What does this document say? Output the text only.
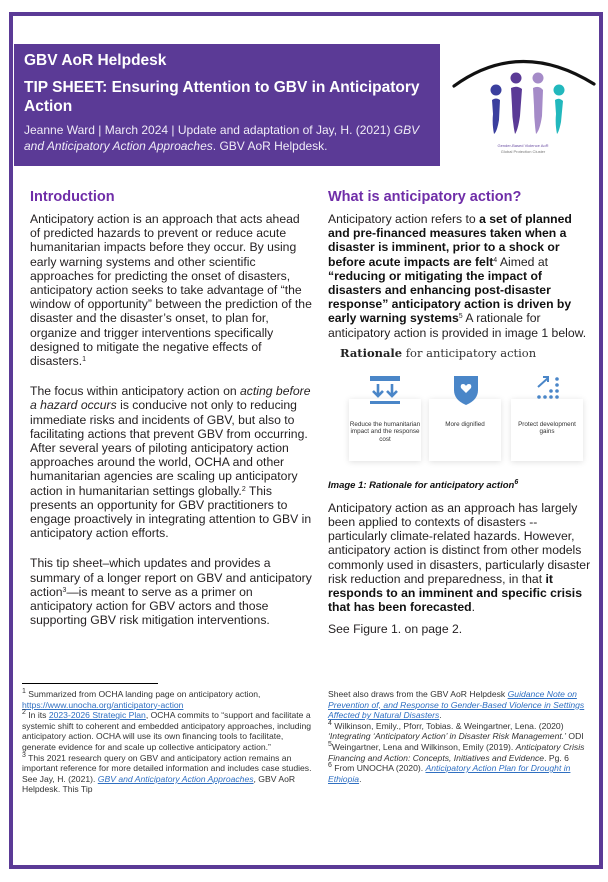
GBV AoR Helpdesk
TIP SHEET: Ensuring Attention to GBV in Anticipatory Action
Jeanne Ward | March 2024 | Update and adaptation of Jay, H. (2021) GBV and Anticipatory Action Approaches. GBV AoR Helpdesk.	Gender-Based Violence AoR
Global Protection Cluster
Introduction

Anticipatory action is an approach that acts ahead of predicted hazards to prevent or reduce acute humanitarian impacts before they occur. By using early warning systems and other scientific approaches for predicting the onset of disasters, anticipatory action seeks to take advantage of “the window of opportunity” between the prediction of the disaster and the disaster’s onset, to plan for, organize and trigger interventions specifically designed to mitigate the negative effects of disasters.$^1$

The focus within anticipatory action on acting before a hazard occurs is conducive not only to reducing immediate risks and incidents of GBV, but also to facilitating actions that prevent GBV from occurring. After several years of piloting anticipatory action approaches around the world, OCHA and other humanitarian agencies are scaling up anticipatory action in humanitarian settings globally.$^2$ This presents an opportunity for GBV practitioners to engage proactively in integrating attention to GBV in anticipatory action efforts.

This tip sheet–which updates and provides a summary of a longer report on GBV and anticipatory action$^3$—is meant to serve as a primer on anticipatory action for GBV actors and those supporting GBV risk mitigation interventions.

What is anticipatory action?

Anticipatory action refers to a set of planned and pre-financed measures taken when a disaster is imminent, prior to a shock or before acute impacts are felt$^4$ Aimed at “reducing or mitigating the impact of disasters and enhancing post-disaster response” anticipatory action is driven by early warning systems$^5$ A rationale for anticipatory action is provided in image 1 below.

Rationale for anticipatory action
Reduce the humanitarian impact and the response cost
More dignified	Protect development gains
Image 1: Rationale for anticipatory action$^6$

Anticipatory action as an approach has largely been applied to contexts of disasters -- particularly climate-related hazards. However, anticipatory action is distinct from other models commonly used in disasters, particularly disaster risk reduction and preparedness, in that it responds to an imminent and specific crisis that has been forecasted.

See Figure 1. on page 2.

$^1$ Summarized from OCHA landing page on anticipatory action, https://www.unocha.org/anticipatory-action
$^2$ In its 2023-2026 Strategic Plan, OCHA commits to “support and facilitate a systemic shift to coherent and embedded anticipatory approaches, including anticipatory action. OCHA will use its own financing tools to facilitate, generate evidence for and scale up collective anticipatory action.”
$^3$ This 2021 research query on GBV and anticipatory action remains an important reference for more detailed information and includes case studies. See Jay, H. (2021). GBV and Anticipatory Action Approaches, GBV AoR Helpdesk. This Tip
Sheet also draws from the GBV AoR Helpdesk Guidance Note on Prevention of, and Response to Gender-Based Violence in Settings Affected by Natural Disasters.
$^4$ Wilkinson, Emily., Pforr, Tobias. & Weingartner, Lena. (2020) ‘Integrating ‘Anticipatory Action’ in Disaster Risk Management.’ ODI
$^5$Weingartner, Lena and Wilkinson, Emily (2019). Anticipatory Crisis Financing and Action: Concepts, Initiatives and Evidence. Pg. 6
$^6$ From UNOCHA (2020). Anticipatory Action Plan for Drought in Ethiopia.
